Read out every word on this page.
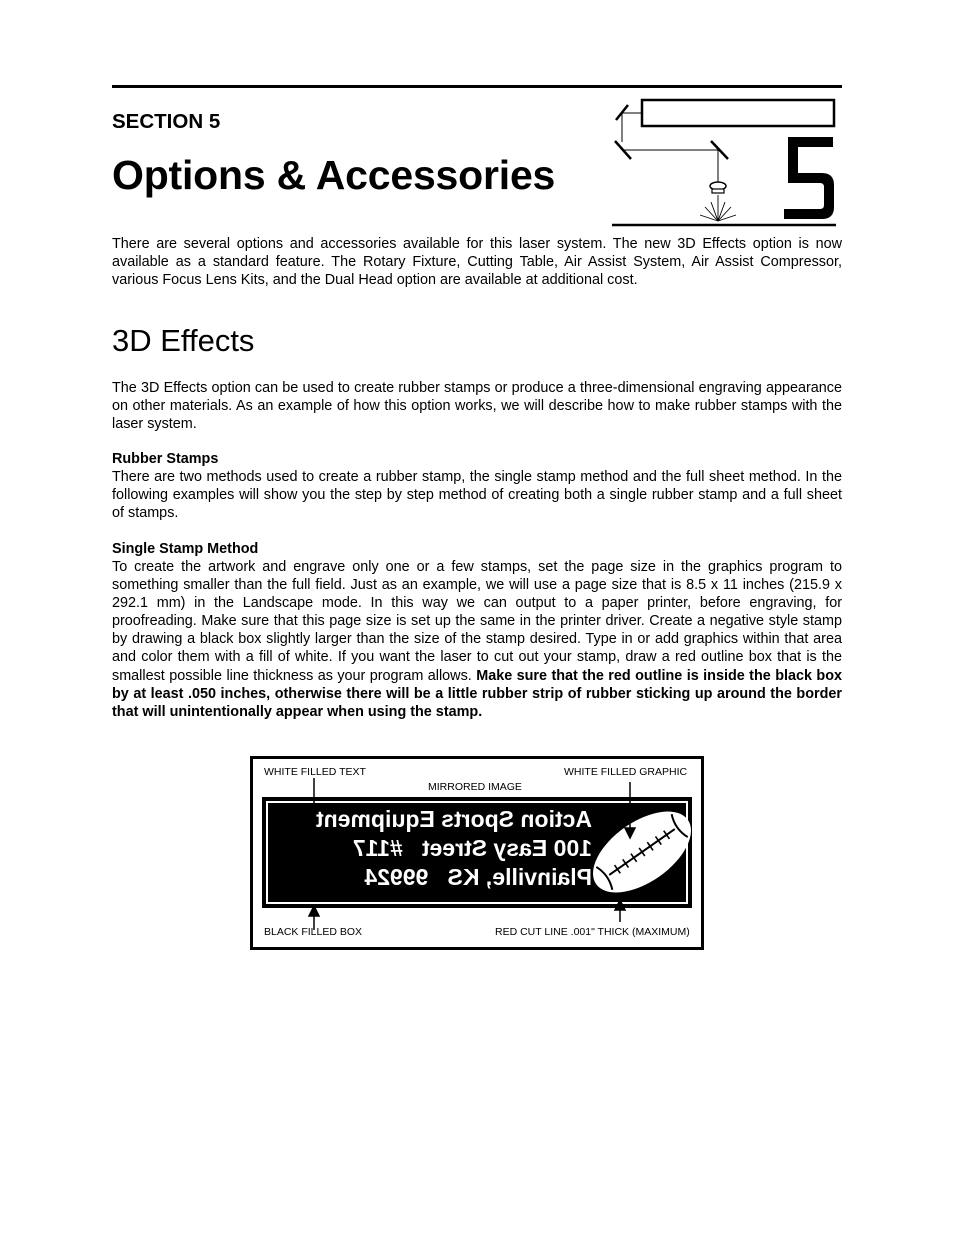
SECTION 5
Options & Accessories

There are several options and accessories available for this laser system. The new 3D Effects option is now available as a standard feature. The Rotary Fixture, Cutting Table, Air Assist System, Air Assist Compressor, various Focus Lens Kits, and the Dual Head option are available at additional cost.

3D Effects

The 3D Effects option can be used to create rubber stamps or produce a three-dimensional engraving appearance on other materials. As an example of how this option works, we will describe how to make rubber stamps with the laser system.

Rubber Stamps

There are two methods used to create a rubber stamp, the single stamp method and the full sheet method. In the following examples will show you the step by step method of creating both a single rubber stamp and a full sheet of stamps.

Single Stamp Method

To create the artwork and engrave only one or a few stamps, set the page size in the graphics program to something smaller than the full field. Just as an example, we will use a page size that is 8.5 x 11 inches (215.9 x 292.1 mm) in the Landscape mode. In this way we can output to a paper printer, before engraving, for proofreading. Make sure that this page size is set up the same in the printer driver. Create a negative style stamp by drawing a black box slightly larger than the size of the stamp desired. Type in or add graphics within that area and color them with a fill of white. If you want the laser to cut out your stamp, draw a red outline box that is the smallest possible line thickness as your program allows. Make sure that the red outline is inside the black box by at least .050 inches, otherwise there will be a little rubber strip of rubber sticking up around the border that will unintentionally appear when using the stamp.

Action Sports Equipment
100 Easy Street   #117
Plainville, KS   99924
WHITE FILLED TEXT	WHITE FILLED GRAPHIC
MIRRORED IMAGE
BLACK FILLED BOX	RED CUT LINE .001" THICK (MAXIMUM)
